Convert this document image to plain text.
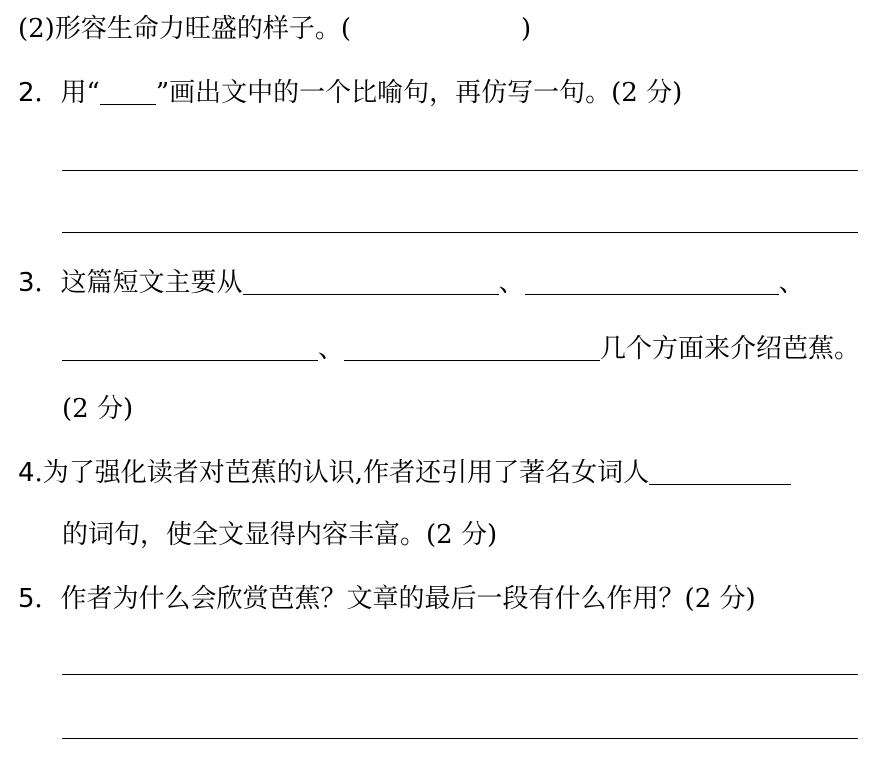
(2)形容生命力旺盛的样子。(	)
2．用“ ”画出文中的一个比喻句，再仿写一句。(2 分)
3．这篇短文主要从	、	、
、	几个方面来介绍芭蕉。
(2 分)
4.为了强化读者对芭蕉的认识,作者还引用了著名女词人
的词句，使全文显得内容丰富。(2 分)
5．作者为什么会欣赏芭蕉？文章的最后一段有什么作用？(2 分)
